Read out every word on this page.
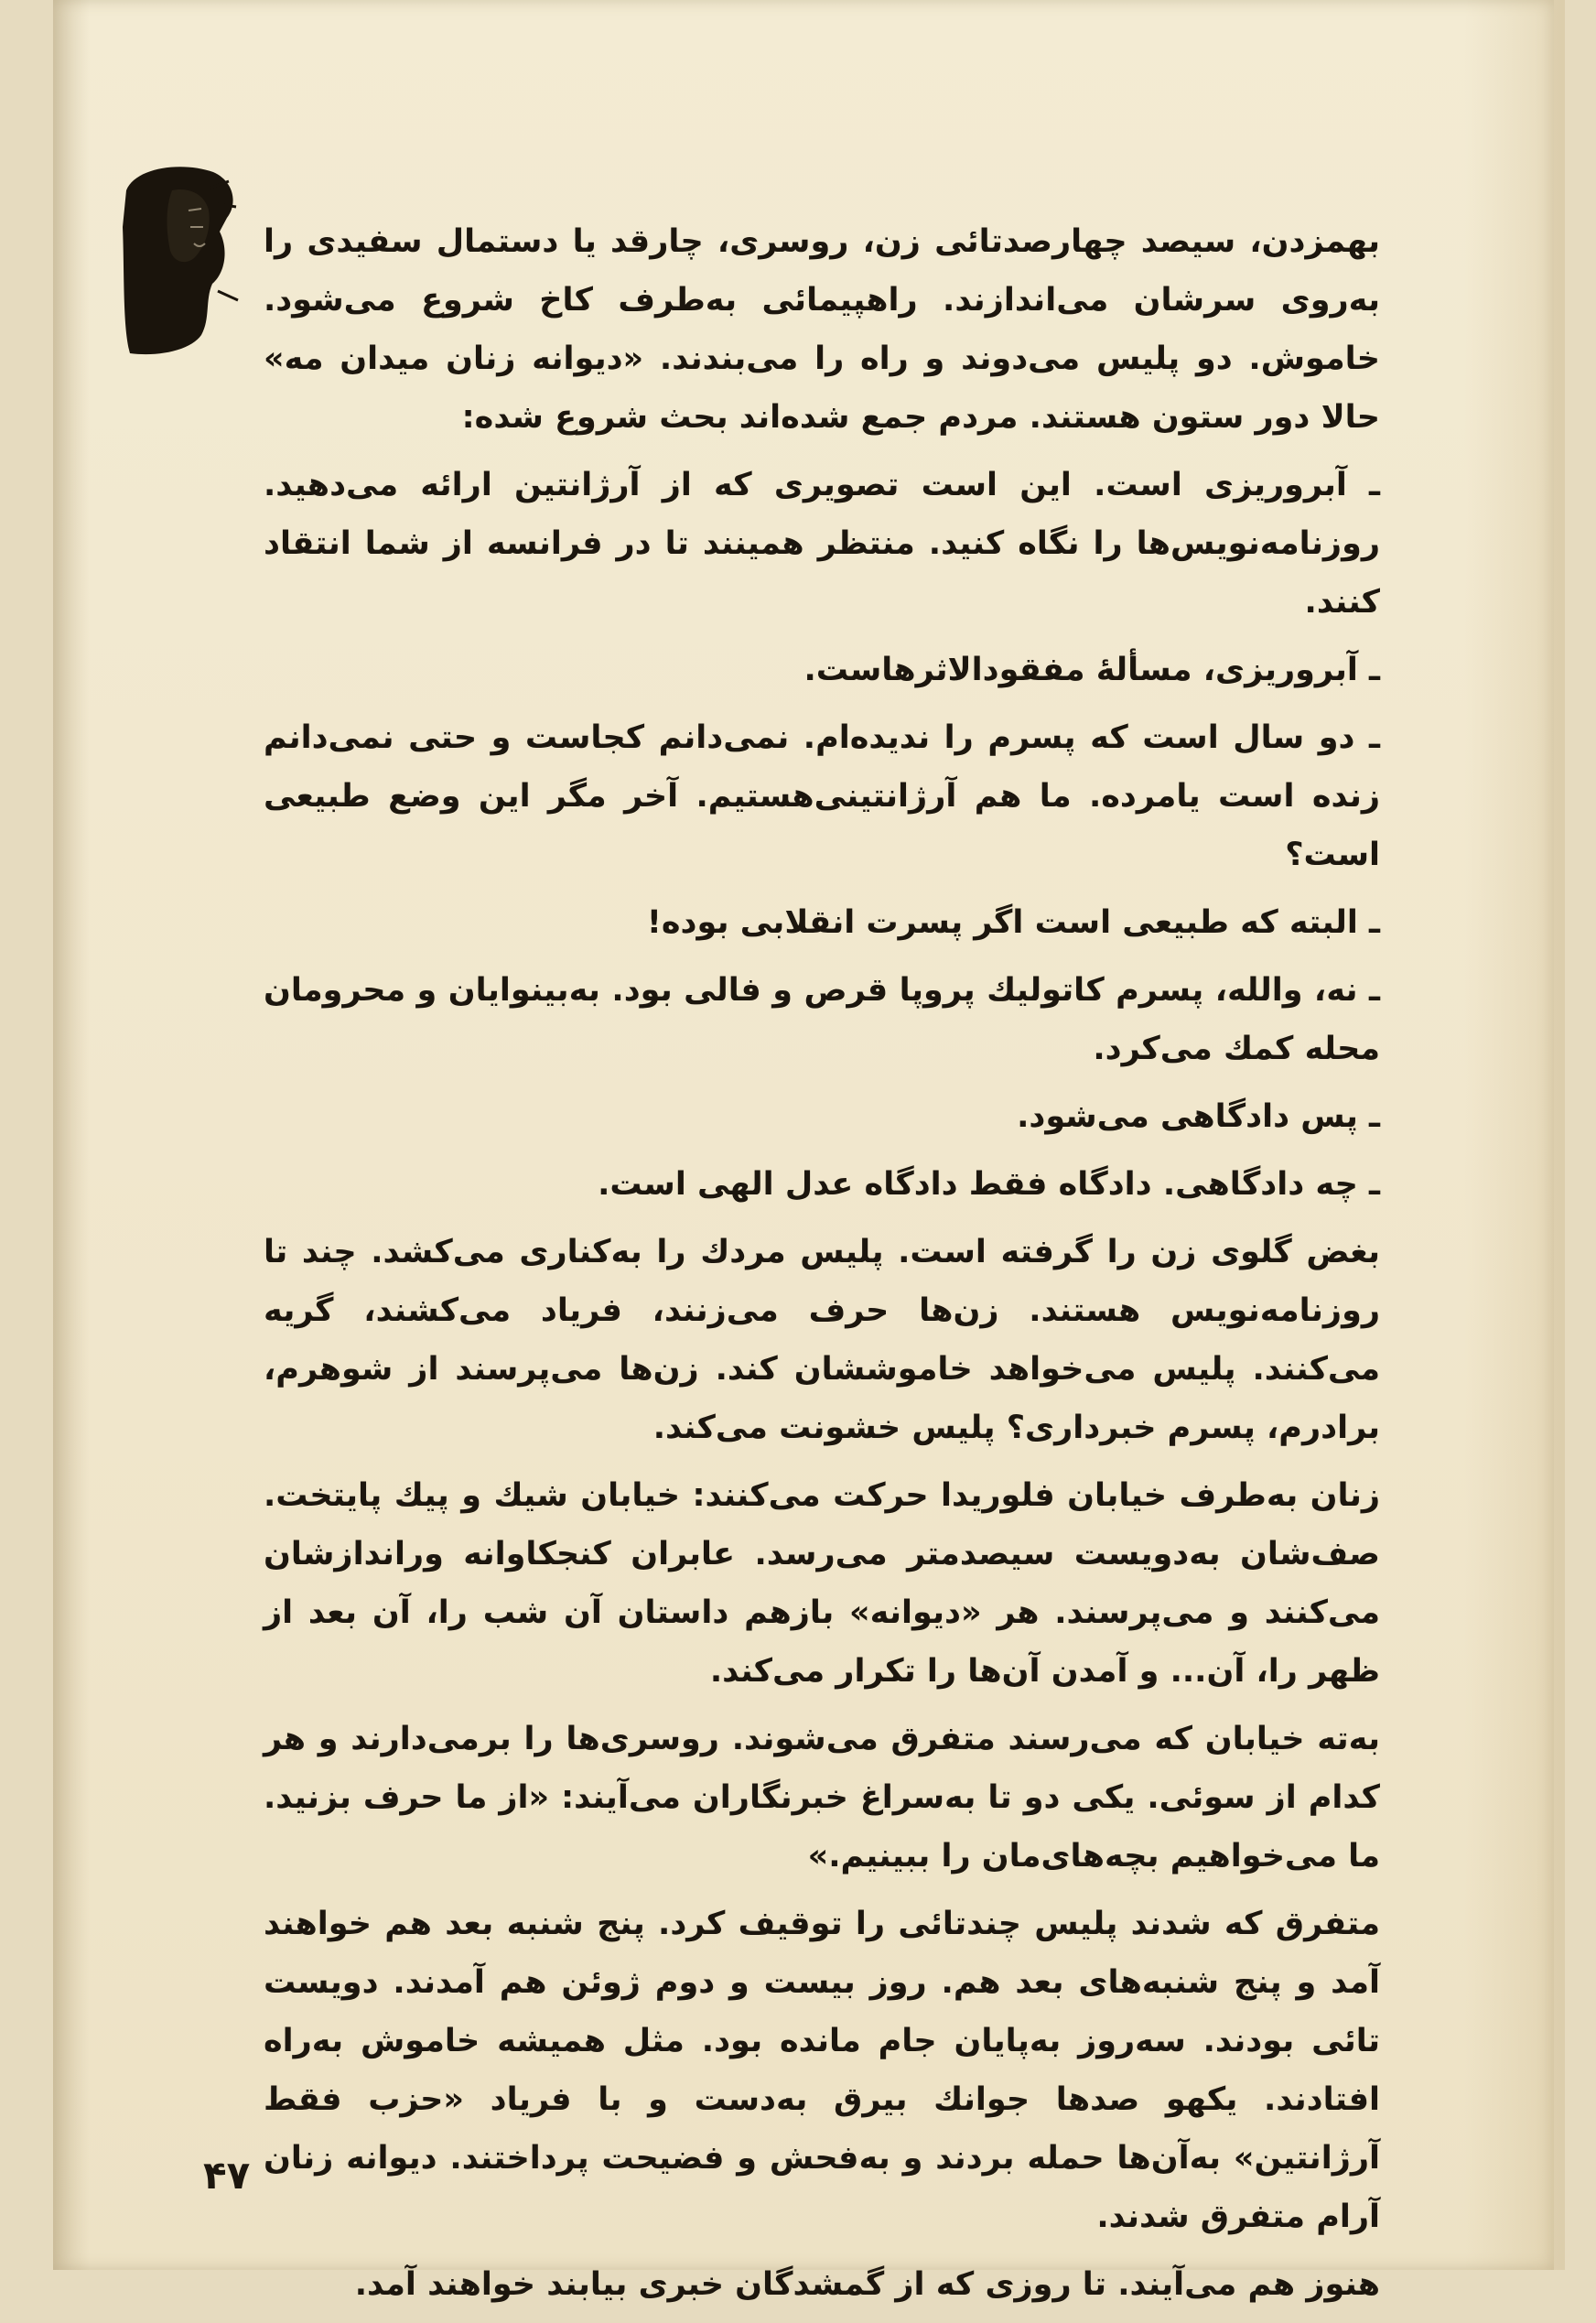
بهمزدن، سیصد چهارصدتائی زن، روسری، چارقد یا دستمال سفیدی را به‌روی سرشان می‌اندازند. راهپیمائی به‌طرف کاخ شروع می‌شود. خاموش. دو پلیس می‌دوند و راه را می‌بندند. «دیوانه زنان میدان مه» حالا دور ستون هستند. مردم جمع شده‌اند بحث شروع شده:

ـ آبروریزی است. این است تصویری که از آرژانتین ارائه می‌دهید. روزنامه‌نویس‌ها را نگاه کنید. منتظر همینند تا در فرانسه از شما انتقاد کنند.

ـ آبروریزی، مسألهٔ مفقودالاثرهاست.

ـ دو سال است که پسرم را ندیده‌ام. نمی‌دانم کجاست و حتی نمی‌دانم زنده است یامرده. ما هم آرژانتینی‌هستیم. آخر مگر این وضع طبیعی است؟

ـ البته که طبیعی است اگر پسرت انقلابی بوده!

ـ نه، والله، پسرم کاتولیك پروپا قرص و فالی بود. به‌بینوایان و محرومان محله کمك می‌کرد.

ـ پس دادگاهی می‌شود.

ـ چه دادگاهی. دادگاه فقط دادگاه عدل الهی است.

بغض گلوی زن را گرفته است. پلیس مردك را به‌کناری می‌کشد. چند تا روزنامه‌نویس هستند. زن‌ها حرف می‌زنند، فریاد می‌کشند، گریه می‌کنند. پلیس می‌خواهد خاموششان کند. زن‌ها می‌پرسند از شوهرم، برادرم، پسرم خبرداری؟ پلیس خشونت می‌کند.

زنان به‌طرف خیابان فلوریدا حرکت می‌کنند: خیابان شیك و پیك پایتخت. صف‌شان به‌دویست سیصدمتر می‌رسد. عابران کنجکاوانه وراندازشان می‌کنند و می‌پرسند. هر «دیوانه» بازهم داستان آن شب را، آن بعد از ظهر را، آن... و آمدن آن‌ها را تکرار می‌کند.

به‌ته خیابان که می‌رسند متفرق می‌شوند. روسری‌ها را برمی‌دارند و هر کدام از سوئی. یکی دو تا به‌سراغ خبرنگاران می‌آیند: «از ما حرف بزنید. ما می‌خواهیم بچه‌های‌مان را ببینیم.»

متفرق که شدند پلیس چندتائی را توقیف کرد. پنج شنبه بعد هم خواهند آمد و پنج شنبه‌های بعد هم. روز بیست و دوم ژوئن هم آمدند. دویست تائی بودند. سه‌روز به‌پایان جام مانده بود. مثل همیشه خاموش به‌راه افتادند. یکهو صدها جوانك بیرق به‌دست و با فریاد «حزب فقط آرژانتین» به‌آن‌ها حمله بردند و به‌فحش و فضیحت پرداختند. دیوانه زنان آرام متفرق شدند.

هنوز هم می‌آیند. تا روزی که از گمشدگان خبری بیابند خواهند آمد.

۴۷
